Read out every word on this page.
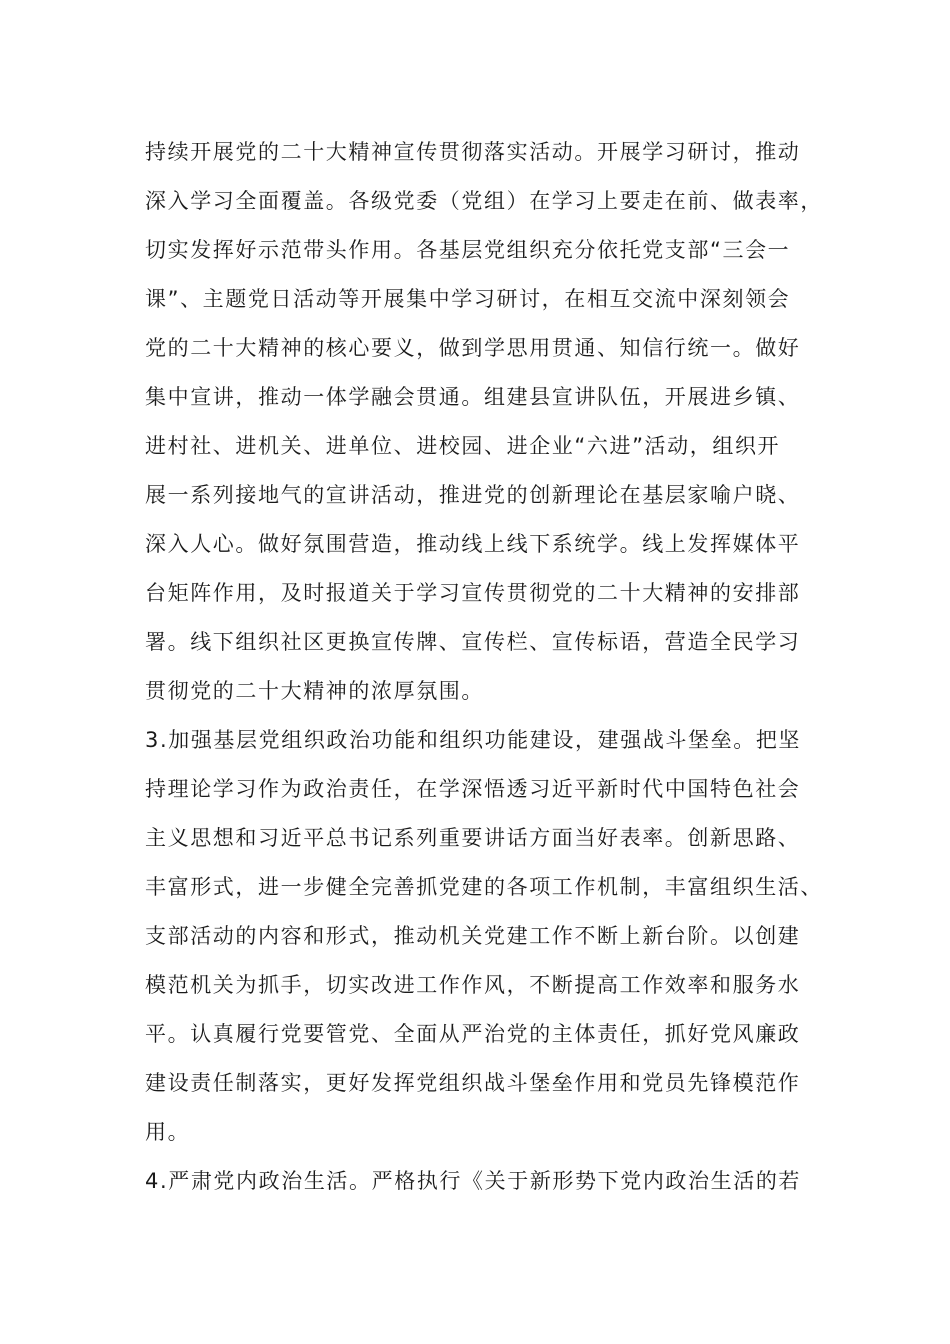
持续开展党的二十大精神宣传贯彻落实活动。开展学习研讨，推动
深入学习全面覆盖。各级党委（党组）在学习上要走在前、做表率，
切实发挥好示范带头作用。各基层党组织充分依托党支部“三会一
课”、主题党日活动等开展集中学习研讨，在相互交流中深刻领会
党的二十大精神的核心要义，做到学思用贯通、知信行统一。做好
集中宣讲，推动一体学融会贯通。组建县宣讲队伍，开展进乡镇、
进村社、进机关、进单位、进校园、进企业“六进”活动，组织开
展一系列接地气的宣讲活动，推进党的创新理论在基层家喻户晓、
深入人心。做好氛围营造，推动线上线下系统学。线上发挥媒体平
台矩阵作用，及时报道关于学习宣传贯彻党的二十大精神的安排部
署。线下组织社区更换宣传牌、宣传栏、宣传标语，营造全民学习
贯彻党的二十大精神的浓厚氛围。
3.加强基层党组织政治功能和组织功能建设，建强战斗堡垒。把坚
持理论学习作为政治责任，在学深悟透习近平新时代中国特色社会
主义思想和习近平总书记系列重要讲话方面当好表率。创新思路、
丰富形式，进一步健全完善抓党建的各项工作机制，丰富组织生活、
支部活动的内容和形式，推动机关党建工作不断上新台阶。以创建
模范机关为抓手，切实改进工作作风，不断提高工作效率和服务水
平。认真履行党要管党、全面从严治党的主体责任，抓好党风廉政
建设责任制落实，更好发挥党组织战斗堡垒作用和党员先锋模范作
用。
4.严肃党内政治生活。严格执行《关于新形势下党内政治生活的若
